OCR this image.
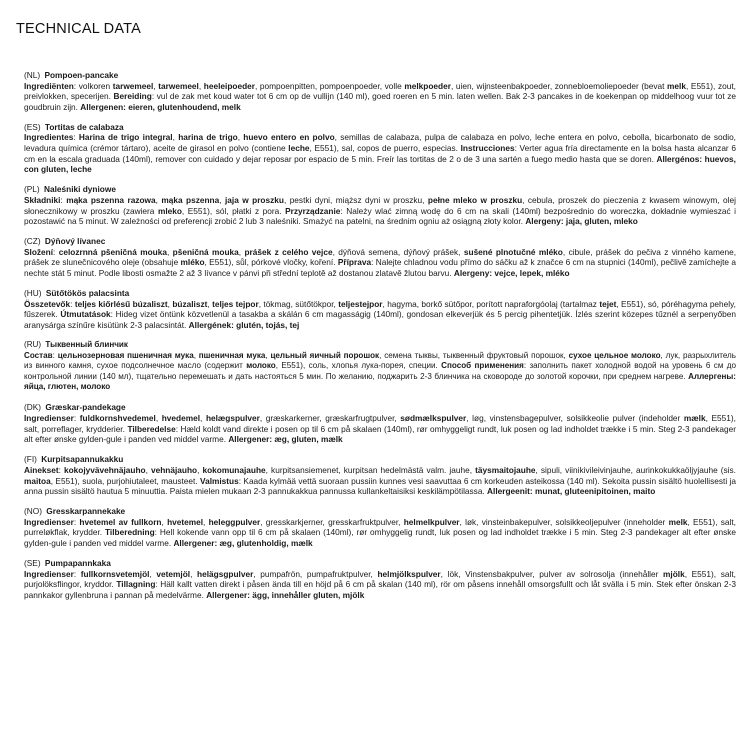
TECHNICAL DATA
(NL) Pompoen-pancake
Ingrediënten: volkoren tarwemeel, tarwemeel, heeleipoeder, pompoenpitten, pompoenpoeder, volle melkpoeder, uien, wijnsteenbakpoeder, zonnebloemoliepoeder (bevat melk, E551), zout, preivlokken, specerijen. Bereiding: vul de zak met koud water tot 6 cm op de vullijn (140 ml), goed roeren en 5 min. laten wellen. Bak 2-3 pancakes in de koekenpan op middelhoog vuur tot ze goudbruin zijn. Allergenen: eieren, glutenhoudend, melk
(ES) Tortitas de calabaza
Ingredientes: Harina de trigo integral, harina de trigo, huevo entero en polvo, semillas de calabaza, pulpa de calabaza en polvo, leche entera en polvo, cebolla, bicarbonato de sodio, levadura química (crémor tártaro), aceite de girasol en polvo (contiene leche, E551), sal, copos de puerro, especias. Instrucciones: Verter agua fría directamente en la bolsa hasta alcanzar 6 cm en la escala graduada (140ml), remover con cuidado y dejar reposar por espacio de 5 min. Freír las tortitas de 2 o de 3 una sartén a fuego medio hasta que se doren. Allergénos: huevos, con gluten, leche
(PL) Naleśniki dyniowe
Składniki: mąka pszenna razowa, mąka pszenna, jaja w proszku, pestki dyni, miąższ dyni w proszku, pełne mleko w proszku, cebula, proszek do pieczenia z kwasem winowym, olej słonecznikowy w proszku (zawiera mleko, E551), sól, płatki z pora. Przyrządzanie: Należy wlać zimną wodę do 6 cm na skali (140ml) bezpośrednio do woreczka, dokładnie wymieszać i pozostawić na 5 minut. W zależności od preferencji zrobić 2 lub 3 naleśniki. Smażyć na patelni, na średnim ogniu aż osiągną złoty kolor. Alergeny: jaja, gluten, mleko
(CZ) Dýňový lívanec
Složení: celozrnná pšeničná mouka, pšeničná mouka, prášek z celého vejce, dýňová semena, dýňový prášek, sušené plnotučné mléko, cibule, prášek do pečiva z vinného kamene, prášek ze slunečnicového oleje (obsahuje mléko, E551), sůl, pórkové vločky, koření. Příprava: Nalejte chladnou vodu přímo do sáčku až k značce 6 cm na stupnici (140ml), pečlivě zamíchejte a nechte stát 5 minut. Podle libosti osmažte 2 až 3 lívance v pánvi při střední teplotě až dostanou zlatavě žlutou barvu. Alergeny: vejce, lepek, mléko
(HU) Sütőtökös palacsinta
Összetevők: teljes kiőrlésű búzaliszt, búzaliszt, teljes tejpor, tökmag, sütőtökpor, teljestejpor, hagyma, borkő sütőpor, porított napraforgóolaj (tartalmaz tejet, E551), só, póréhagyma pehely, fűszerek. Útmutatások: Hideg vizet öntünk közvetlenül a tasakba a skálán 6 cm magasságig (140ml), gondosan elkeverjük és 5 percig pihentetjük. Ízlés szerint közepes tűznél a serpenyőben aranysárga színűre kisütünk 2-3 palacsintát. Allergének: glutén, tojás, tej
(RU) Тыквенный блинчик
Состав: цельнозерновая пшеничная мука, пшеничная мука, цельный яичный порошок, семена тыквы, тыквенный фруктовый порошок, сухое цельное молоко, лук, разрыхлитель из винного камня, сухое подсолнечное масло (содержит молоко, E551), соль, хлопья лука-порея, специи. Способ применения: заполнить пакет холодной водой на уровень 6 см до контрольной линии (140 мл), тщательно перемешать и дать настояться 5 мин. По желанию, поджарить 2-3 блинчика на сковороде до золотой корочки, при среднем нагреве. Аллергены: яйца, глютен, молоко
(DK) Græskar-pandekage
Ingredienser: fuldkornshvedemel, hvedemel, helægspulver, græskarkerner, græskarfrugtpulver, sødmælkspulver, løg, vinstensbagepulver, solsikkeolie pulver (indeholder mælk, E551), salt, porreflager, krydderier. Tilberedelse: Hæld koldt vand direkte i posen op til 6 cm på skalaen (140ml), rør omhyggeligt rundt, luk posen og lad indholdet trække i 5 min. Steg 2-3 pandekager alt efter ønske gylden-gule i panden ved middel varme. Allergener: æg, gluten, mælk
(FI) Kurpitsapannukakku
Ainekset: kokojyvävehnäjauho, vehnäjauho, kokomunajauhe, kurpitsansiemenet, kurpitsan hedelmästä valm. jauhe, täysmaitojauhe, sipuli, viinikivileivinjauhe, aurinkokukkaöljyjauhe (sis. maitoa, E551), suola, purjohiutaleet, mausteet. Valmistus: Kaada kylmää vettä suoraan pussiin kunnes vesi saavuttaa 6 cm korkeuden asteikossa (140 ml). Sekoita pussin sisältö huolellisesti ja anna pussin sisältö hautua 5 minuuttia. Paista mielen mukaan 2-3 pannukakkua pannussa kullankeltaisiksi keskilämpötilassa. Allergeenit: munat, gluteenipitoinen, maito
(NO) Gresskarpannekake
Ingredienser: hvetemel av fullkorn, hvetemel, heleggpulver, gresskarkjerner, gresskarfruktpulver, helmelkpulver, løk, vinsteinbakepulver, solsikkeoljepulver (inneholder melk, E551), salt, purreløkflak, krydder. Tilberedning: Hell kokende vann opp til 6 cm på skalaen (140ml), rør omhyggelig rundt, luk posen og lad indholdet trække i 5 min. Steg 2-3 pandekager alt efter ønske gylden-gule i panden ved middel varme. Allergener: æg, glutenholdig, mælk
(SE) Pumpapannkaka
Ingredienser: fullkornsvetemjöl, vetemjöl, helägsgpulver, pumpafrön, pumpafruktpulver, helmjölkspulver, lök, Vinstensbakpulver, pulver av solrosolja (innehåller mjölk, E551), salt, purjolöksflingor, kryddor. Tillagning: Häll kallt vatten direkt i påsen ända till en höjd på 6 cm på skalan (140 ml), rör om påsens innehåll omsorgsfullt och låt svälla i 5 min. Stek efter önskan 2-3 pannkakor gyllenbruna i pannan på medelvärme. Allergener: ägg, innehåller gluten, mjölk
